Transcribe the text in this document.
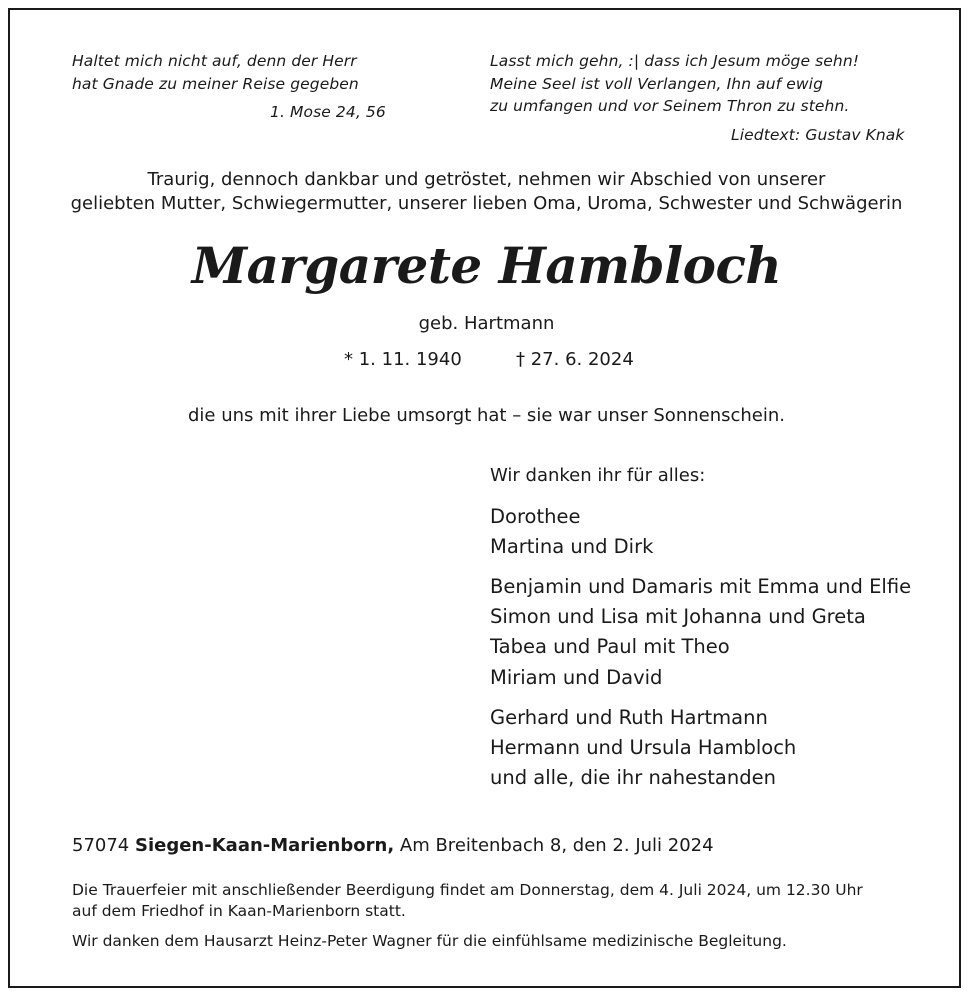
Haltet mich nicht auf, denn der Herr
hat Gnade zu meiner Reise gegeben
1. Mose 24, 56
Lasst mich gehn, :| dass ich Jesum möge sehn!
Meine Seel ist voll Verlangen, Ihn auf ewig
zu umfangen und vor Seinem Thron zu stehn.
Liedtext: Gustav Knak
Traurig, dennoch dankbar und getröstet, nehmen wir Abschied von unserer
geliebten Mutter, Schwiegermutter, unserer lieben Oma, Uroma, Schwester und Schwägerin
Margarete Hambloch
geb. Hartmann
* 1. 11. 1940	† 27. 6. 2024
die uns mit ihrer Liebe umsorgt hat – sie war unser Sonnenschein.
Wir danken ihr für alles:
Dorothee
Martina und Dirk
Benjamin und Damaris mit Emma und Elfie
Simon und Lisa mit Johanna und Greta
Tabea und Paul mit Theo
Miriam und David
Gerhard und Ruth Hartmann
Hermann und Ursula Hambloch
und alle, die ihr nahestanden
57074 Siegen-Kaan-Marienborn, Am Breitenbach 8, den 2. Juli 2024
Die Trauerfeier mit anschließender Beerdigung findet am Donnerstag, dem 4. Juli 2024, um 12.30 Uhr
auf dem Friedhof in Kaan-Marienborn statt.
Wir danken dem Hausarzt Heinz-Peter Wagner für die einfühlsame medizinische Begleitung.
